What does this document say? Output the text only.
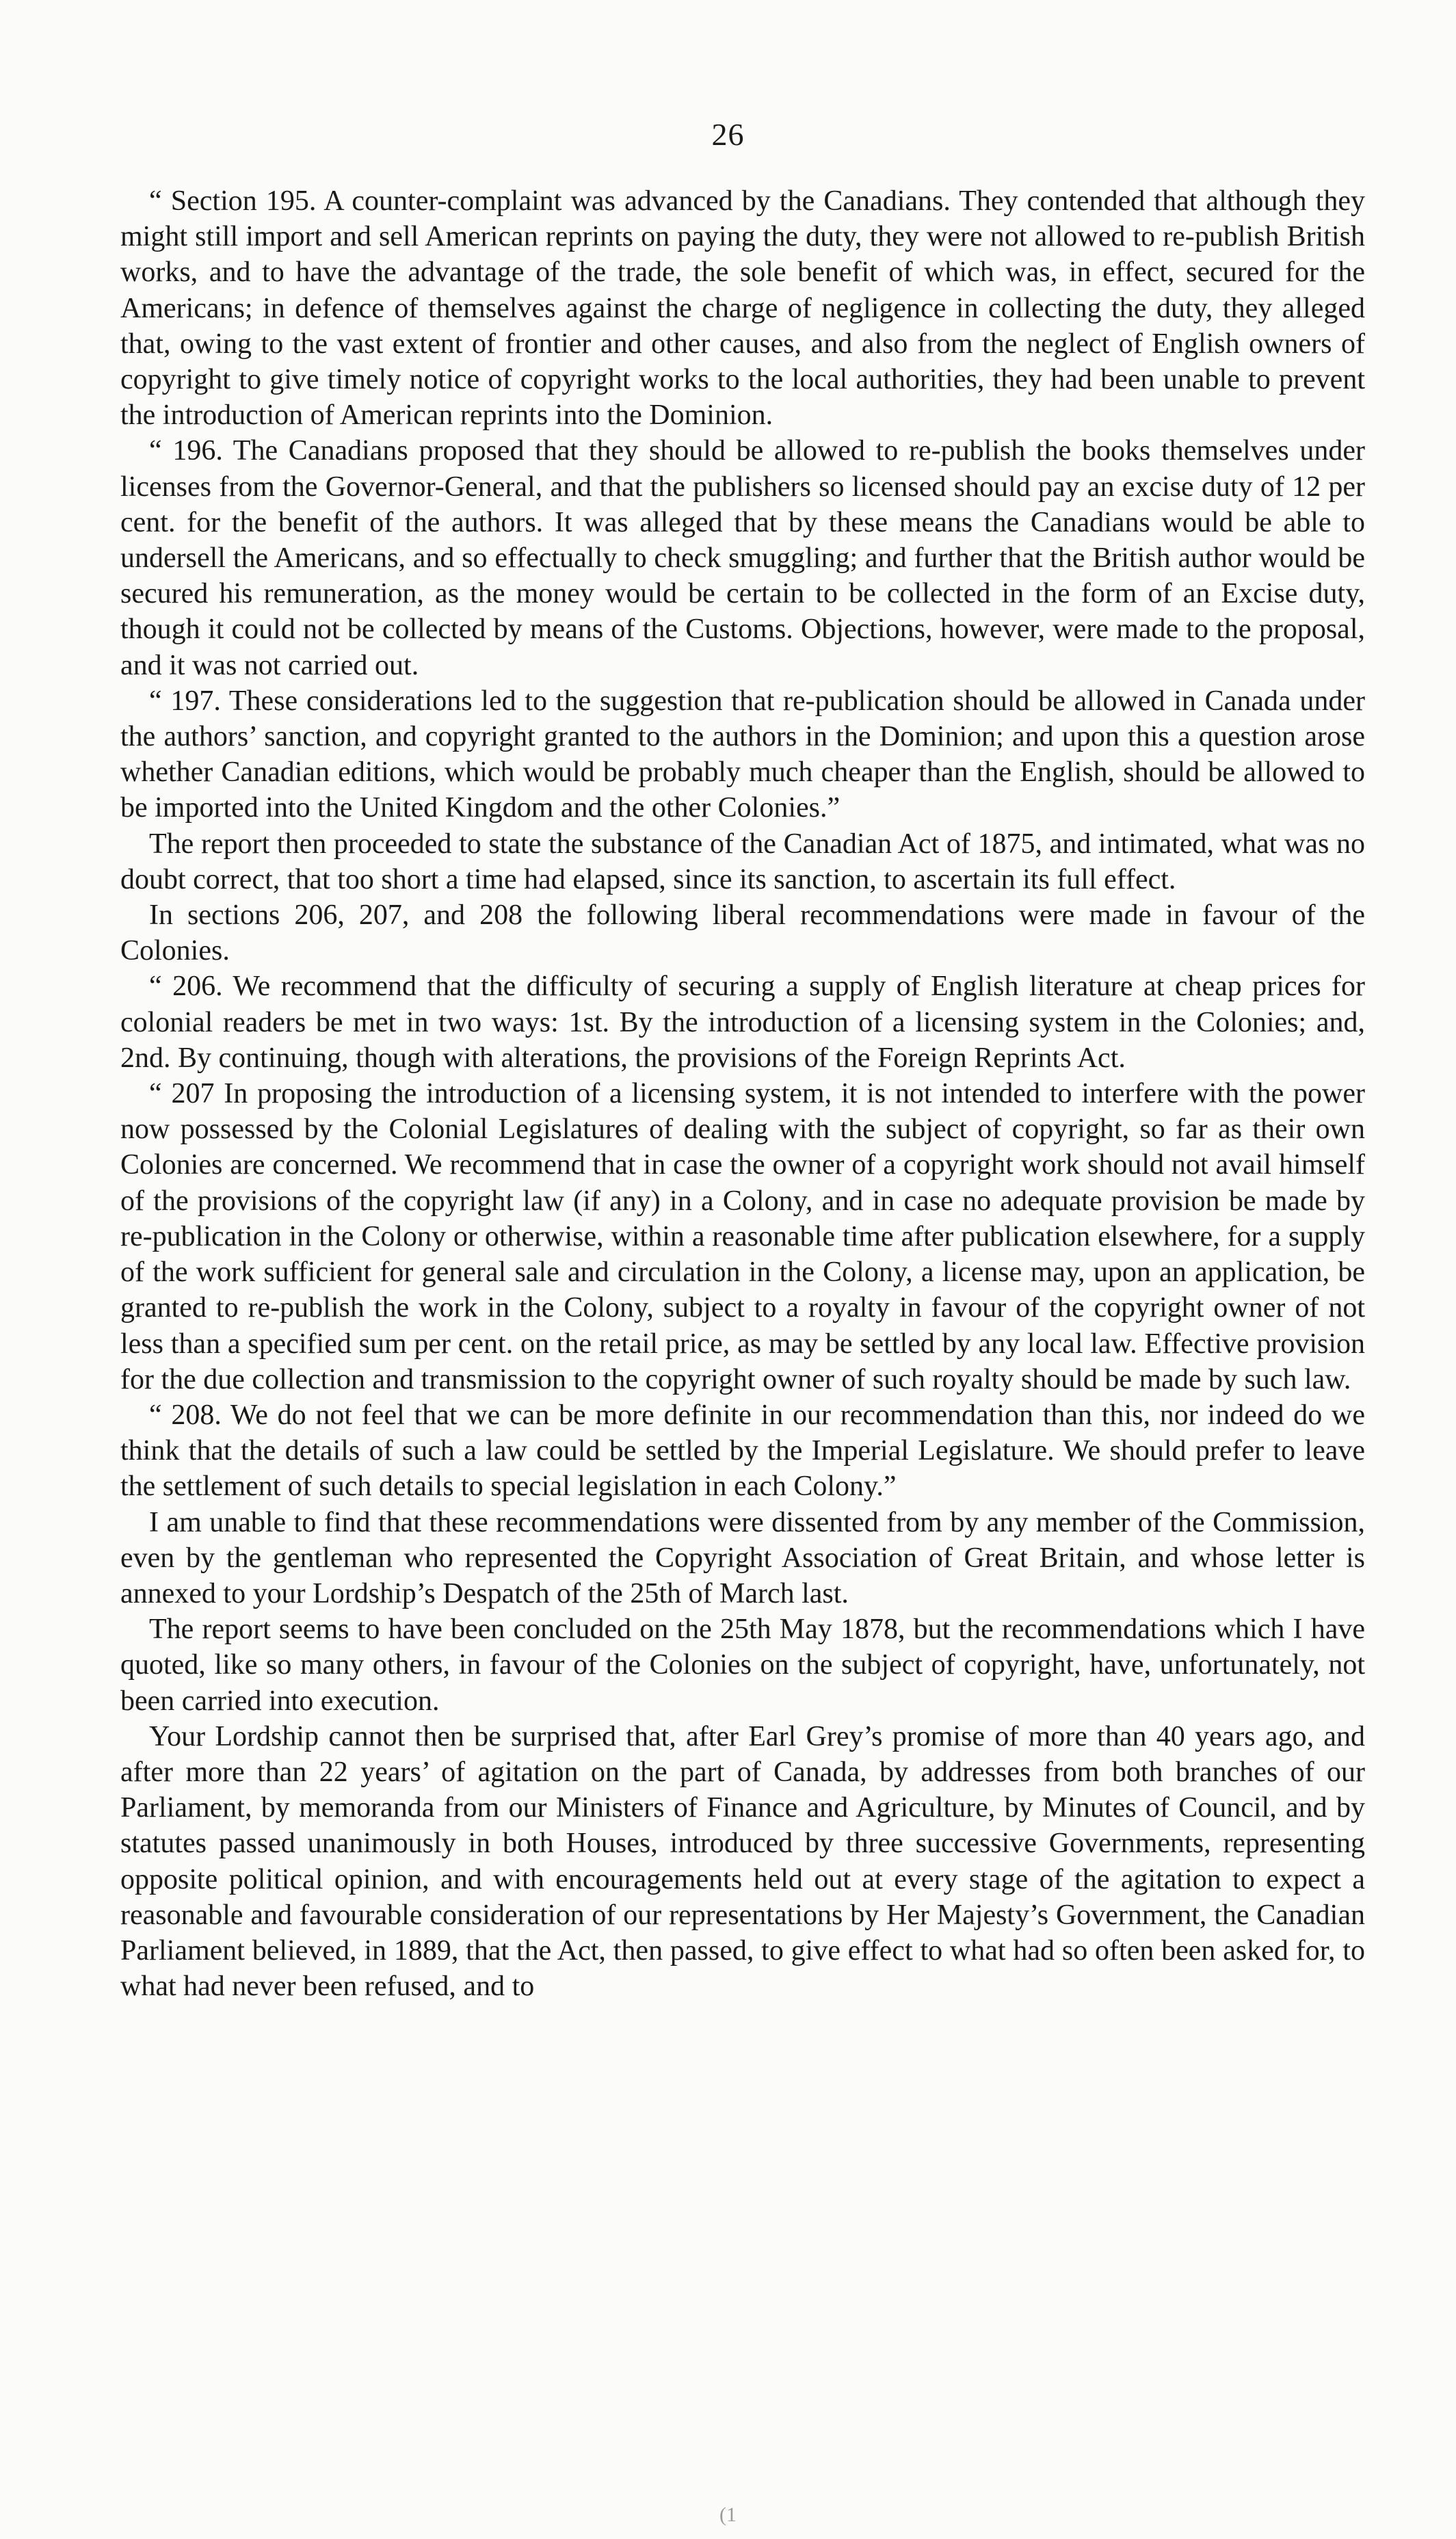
26

“ Section 195. A counter-complaint was advanced by the Canadians. They contended that although they might still import and sell American reprints on paying the duty, they were not allowed to re-publish British works, and to have the advantage of the trade, the sole benefit of which was, in effect, secured for the Americans; in defence of themselves against the charge of negligence in collecting the duty, they alleged that, owing to the vast extent of frontier and other causes, and also from the neglect of English owners of copyright to give timely notice of copyright works to the local authorities, they had been unable to prevent the introduction of American reprints into the Dominion.

“ 196. The Canadians proposed that they should be allowed to re-publish the books themselves under licenses from the Governor-General, and that the publishers so licensed should pay an excise duty of 12 per cent. for the benefit of the authors. It was alleged that by these means the Canadians would be able to undersell the Americans, and so effectually to check smuggling; and further that the British author would be secured his remuneration, as the money would be certain to be collected in the form of an Excise duty, though it could not be collected by means of the Customs. Objections, however, were made to the proposal, and it was not carried out.

“ 197. These considerations led to the suggestion that re-publication should be allowed in Canada under the authors’ sanction, and copyright granted to the authors in the Dominion; and upon this a question arose whether Canadian editions, which would be probably much cheaper than the English, should be allowed to be imported into the United Kingdom and the other Colonies.”

The report then proceeded to state the substance of the Canadian Act of 1875, and intimated, what was no doubt correct, that too short a time had elapsed, since its sanction, to ascertain its full effect.

In sections 206, 207, and 208 the following liberal recommendations were made in favour of the Colonies.

“ 206. We recommend that the difficulty of securing a supply of English literature at cheap prices for colonial readers be met in two ways: 1st. By the introduction of a licensing system in the Colonies; and, 2nd. By continuing, though with alterations, the provisions of the Foreign Reprints Act.

“ 207 In proposing the introduction of a licensing system, it is not intended to interfere with the power now possessed by the Colonial Legislatures of dealing with the subject of copyright, so far as their own Colonies are concerned. We recommend that in case the owner of a copyright work should not avail himself of the provisions of the copyright law (if any) in a Colony, and in case no adequate provision be made by re-publication in the Colony or otherwise, within a reasonable time after publication elsewhere, for a supply of the work sufficient for general sale and circulation in the Colony, a license may, upon an application, be granted to re-publish the work in the Colony, subject to a royalty in favour of the copyright owner of not less than a specified sum per cent. on the retail price, as may be settled by any local law. Effective provision for the due collection and transmission to the copyright owner of such royalty should be made by such law.

“ 208. We do not feel that we can be more definite in our recommendation than this, nor indeed do we think that the details of such a law could be settled by the Imperial Legislature. We should prefer to leave the settlement of such details to special legislation in each Colony.”

I am unable to find that these recommendations were dissented from by any member of the Commission, even by the gentleman who represented the Copyright Association of Great Britain, and whose letter is annexed to your Lordship’s Despatch of the 25th of March last.

The report seems to have been concluded on the 25th May 1878, but the recommendations which I have quoted, like so many others, in favour of the Colonies on the subject of copyright, have, unfortunately, not been carried into execution.

Your Lordship cannot then be surprised that, after Earl Grey’s promise of more than 40 years ago, and after more than 22 years’ of agitation on the part of Canada, by addresses from both branches of our Parliament, by memoranda from our Ministers of Finance and Agriculture, by Minutes of Council, and by statutes passed unanimously in both Houses, introduced by three successive Governments, representing opposite political opinion, and with encouragements held out at every stage of the agitation to expect a reasonable and favourable consideration of our representations by Her Majesty’s Government, the Canadian Parliament believed, in 1889, that the Act, then passed, to give effect to what had so often been asked for, to what had never been refused, and to

(1
